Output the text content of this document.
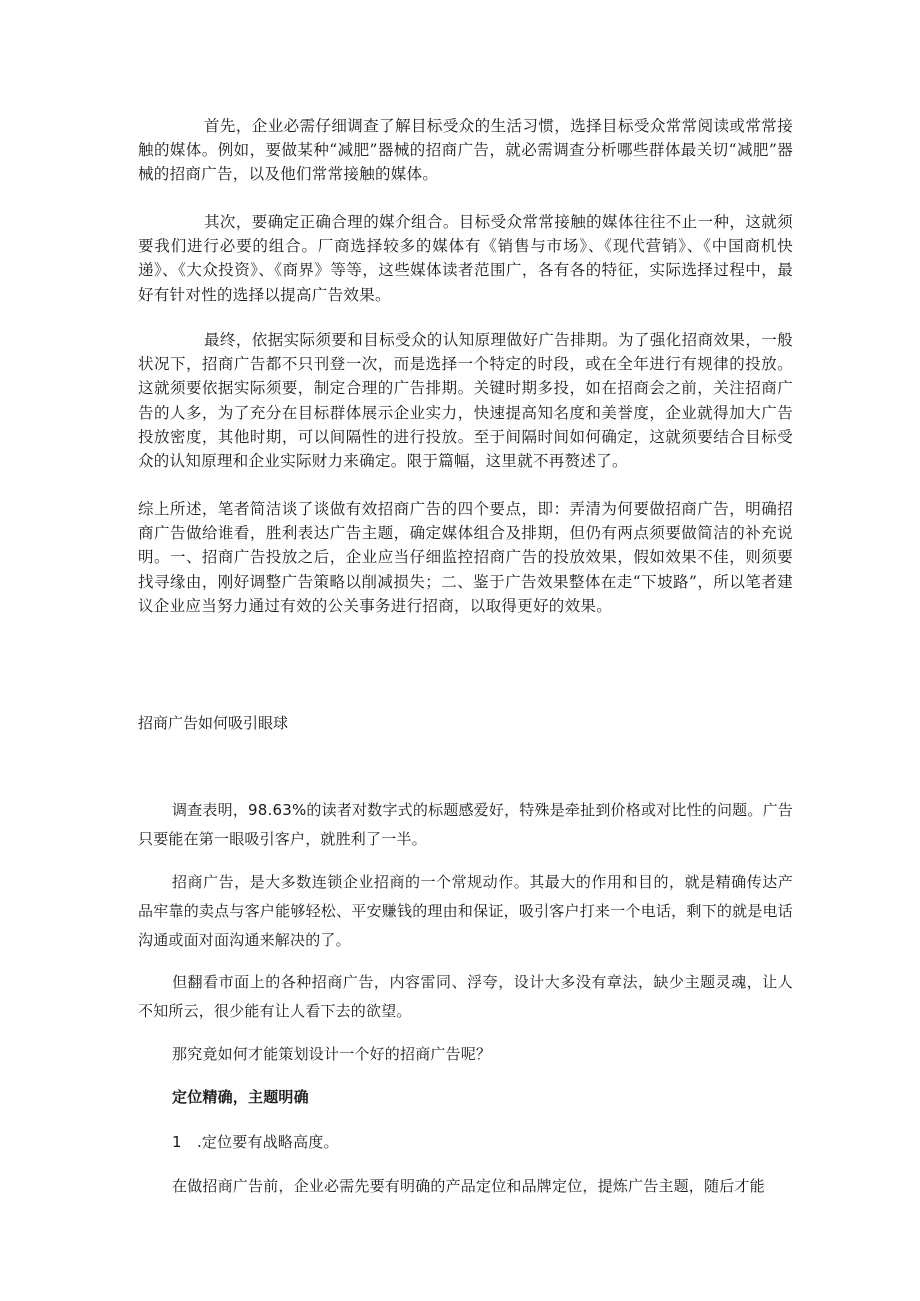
首先，企业必需仔细调查了解目标受众的生活习惯，选择目标受众常常阅读或常常接触的媒体。例如，要做某种“减肥”器械的招商广告，就必需调查分析哪些群体最关切“减肥”器械的招商广告，以及他们常常接触的媒体。

其次，要确定正确合理的媒介组合。目标受众常常接触的媒体往往不止一种，这就须要我们进行必要的组合。厂商选择较多的媒体有《销售与市场》、《现代营销》、《中国商机快递》、《大众投资》、《商界》等等，这些媒体读者范围广，各有各的特征，实际选择过程中，最好有针对性的选择以提高广告效果。

最终，依据实际须要和目标受众的认知原理做好广告排期。为了强化招商效果，一般状况下，招商广告都不只刊登一次，而是选择一个特定的时段，或在全年进行有规律的投放。这就须要依据实际须要，制定合理的广告排期。关键时期多投，如在招商会之前，关注招商广告的人多，为了充分在目标群体展示企业实力，快速提高知名度和美誉度，企业就得加大广告投放密度，其他时期，可以间隔性的进行投放。至于间隔时间如何确定，这就须要结合目标受众的认知原理和企业实际财力来确定。限于篇幅，这里就不再赘述了。

综上所述，笔者简洁谈了谈做有效招商广告的四个要点，即：弄清为何要做招商广告，明确招商广告做给谁看，胜利表达广告主题，确定媒体组合及排期，但仍有两点须要做简洁的补充说明。一、招商广告投放之后，企业应当仔细监控招商广告的投放效果，假如效果不佳，则须要找寻缘由，刚好调整广告策略以削减损失；二、鉴于广告效果整体在走“下坡路”，所以笔者建议企业应当努力通过有效的公关事务进行招商，以取得更好的效果。

招商广告如何吸引眼球

调查表明，98.63%的读者对数字式的标题感爱好，特殊是牵扯到价格或对比性的问题。广告只要能在第一眼吸引客户，就胜利了一半。

招商广告，是大多数连锁企业招商的一个常规动作。其最大的作用和目的，就是精确传达产品牢靠的卖点与客户能够轻松、平安赚钱的理由和保证，吸引客户打来一个电话，剩下的就是电话沟通或面对面沟通来解决的了。

但翻看市面上的各种招商广告，内容雷同、浮夸，设计大多没有章法，缺少主题灵魂，让人不知所云，很少能有让人看下去的欲望。

那究竟如何才能策划设计一个好的招商广告呢？

定位精确，主题明确

1　.定位要有战略高度。

在做招商广告前，企业必需先要有明确的产品定位和品牌定位，提炼广告主题，随后才能
